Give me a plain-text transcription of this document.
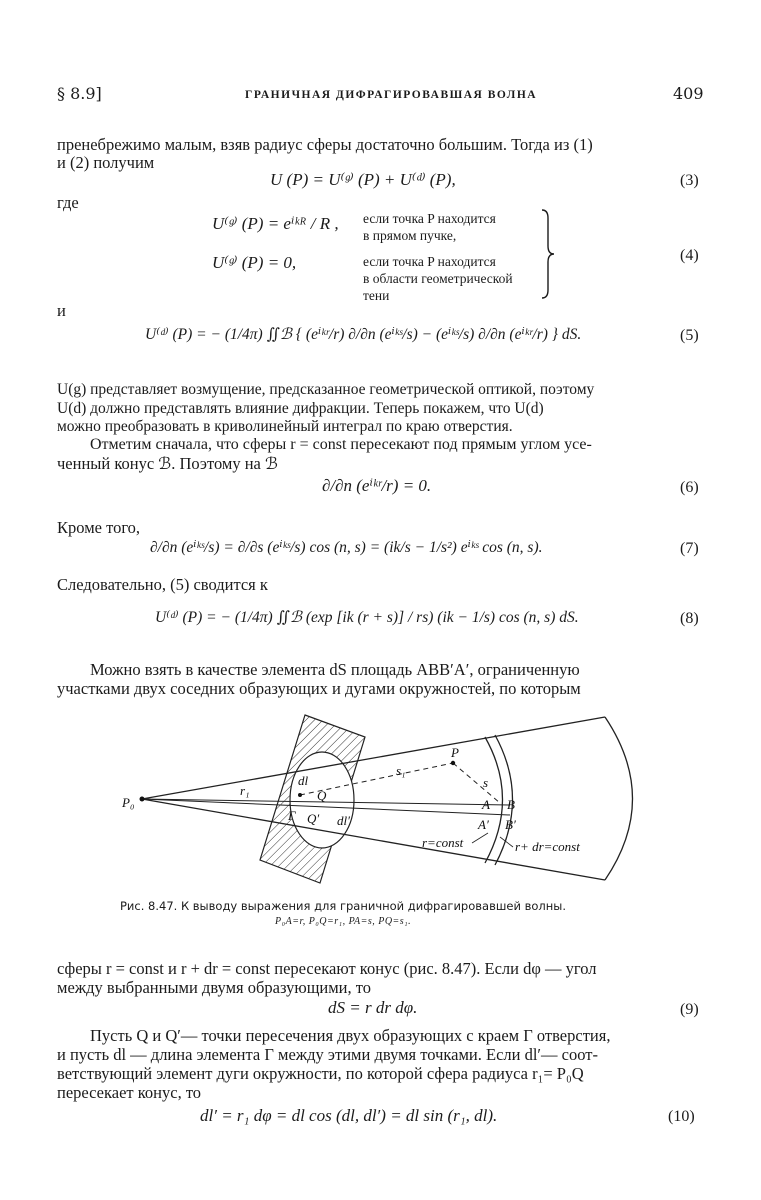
§ 8.9]	ГРАНИЧНАЯ ДИФРАГИРОВАВШАЯ ВОЛНА	409
пренебрежимо малым, взяв радиус сферы достаточно большим. Тогда из (1)
и (2) получим
U (P) = U⁽ᵍ⁾ (P) + U⁽ᵈ⁾ (P),	(3)
где
U⁽ᵍ⁾ (P) = eⁱᵏᴿ / R , если точка P находится
в прямом пучке,
U⁽ᵍ⁾ (P) = 0,	если точка P находится
в области геометрической
тени
(4)
и
U⁽ᵈ⁾ (P) = − (1/4π) ∬ℬ { (eⁱᵏʳ/r) ∂/∂n (eⁱᵏˢ/s) − (eⁱᵏˢ/s) ∂/∂n (eⁱᵏʳ/r) } dS.	(5)
U(g) представляет возмущение, предсказанное геометрической оптикой, поэтому
U(d) должно представлять влияние дифракции. Теперь покажем, что U(d)
можно преобразовать в криволинейный интеграл по краю отверстия.
Отметим сначала, что сферы r = const пересекают под прямым углом усе-
ченный конус ℬ. Поэтому на ℬ
∂/∂n (eⁱᵏʳ/r) = 0.	(6)
Кроме того,
∂/∂n (eⁱᵏˢ/s) = ∂/∂s (eⁱᵏˢ/s) cos (n, s) = (ik/s − 1/s²) eⁱᵏˢ cos (n, s).	(7)
Следовательно, (5) сводится к
U⁽ᵈ⁾ (P) = − (1/4π) ∬ℬ (exp [ik (r + s)] / rs) (ik − 1/s) cos (n, s) dS.	(8)
Можно взять в качестве элемента dS площадь ABB′A′, ограниченную
участками двух соседних образующих и дугами окружностей, по которым
P₀
r₁
dl
Q
Γ Q′ dl′
s₁
s
P
A B
A′ B′
r=const	r+ dr=const
Рис. 8.47. К выводу выражения для граничной дифрагировавшей волны.
P₀A=r, P₀Q=r₁, PA=s, PQ=s₁.
сферы r = const и r + dr = const пересекают конус (рис. 8.47). Если dφ — угол
между выбранными двумя образующими, то
dS = r dr dφ.	(9)
Пусть Q и Q′— точки пересечения двух образующих с краем Γ отверстия,
и пусть dl — длина элемента Γ между этими двумя точками. Если dl′— соот-
ветствующий элемент дуги окружности, по которой сфера радиуса r₁= P₀Q
пересекает конус, то
dl′ = r₁ dφ = dl cos (dl, dl′) = dl sin (r₁, dl).	(10)
